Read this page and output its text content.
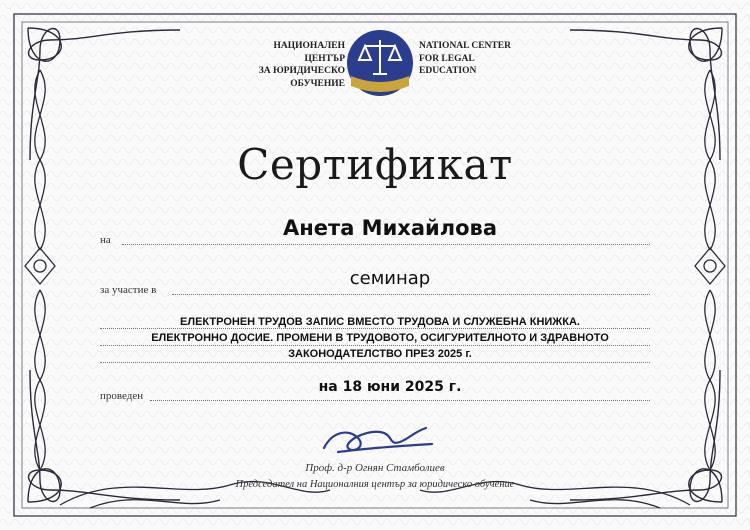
НАЦИОНАЛЕН ЦЕНТЪР
ЗА ЮРИДИЧЕСКО
ОБУЧЕНИЕ
NATIONAL CENTER
FOR LEGAL
EDUCATION
Сертификат
на	Анета Михайлова
за участие в
семинар
ЕЛЕКТРОНЕН ТРУДОВ ЗАПИС ВМЕСТО ТРУДОВА И СЛУЖЕБНА КНИЖКА.
ЕЛЕКТРОННО ДОСИЕ. ПРОМЕНИ В ТРУДОВОТО, ОСИГУРИТЕЛНОТО И ЗДРАВНОТО
ЗАКОНОДАТЕЛСТВО ПРЕЗ 2025 г.
проведен
на 18 юни 2025 г.
Проф. д-р Огнян Стамболиев
Председател на Националния център за юридическо обучение
